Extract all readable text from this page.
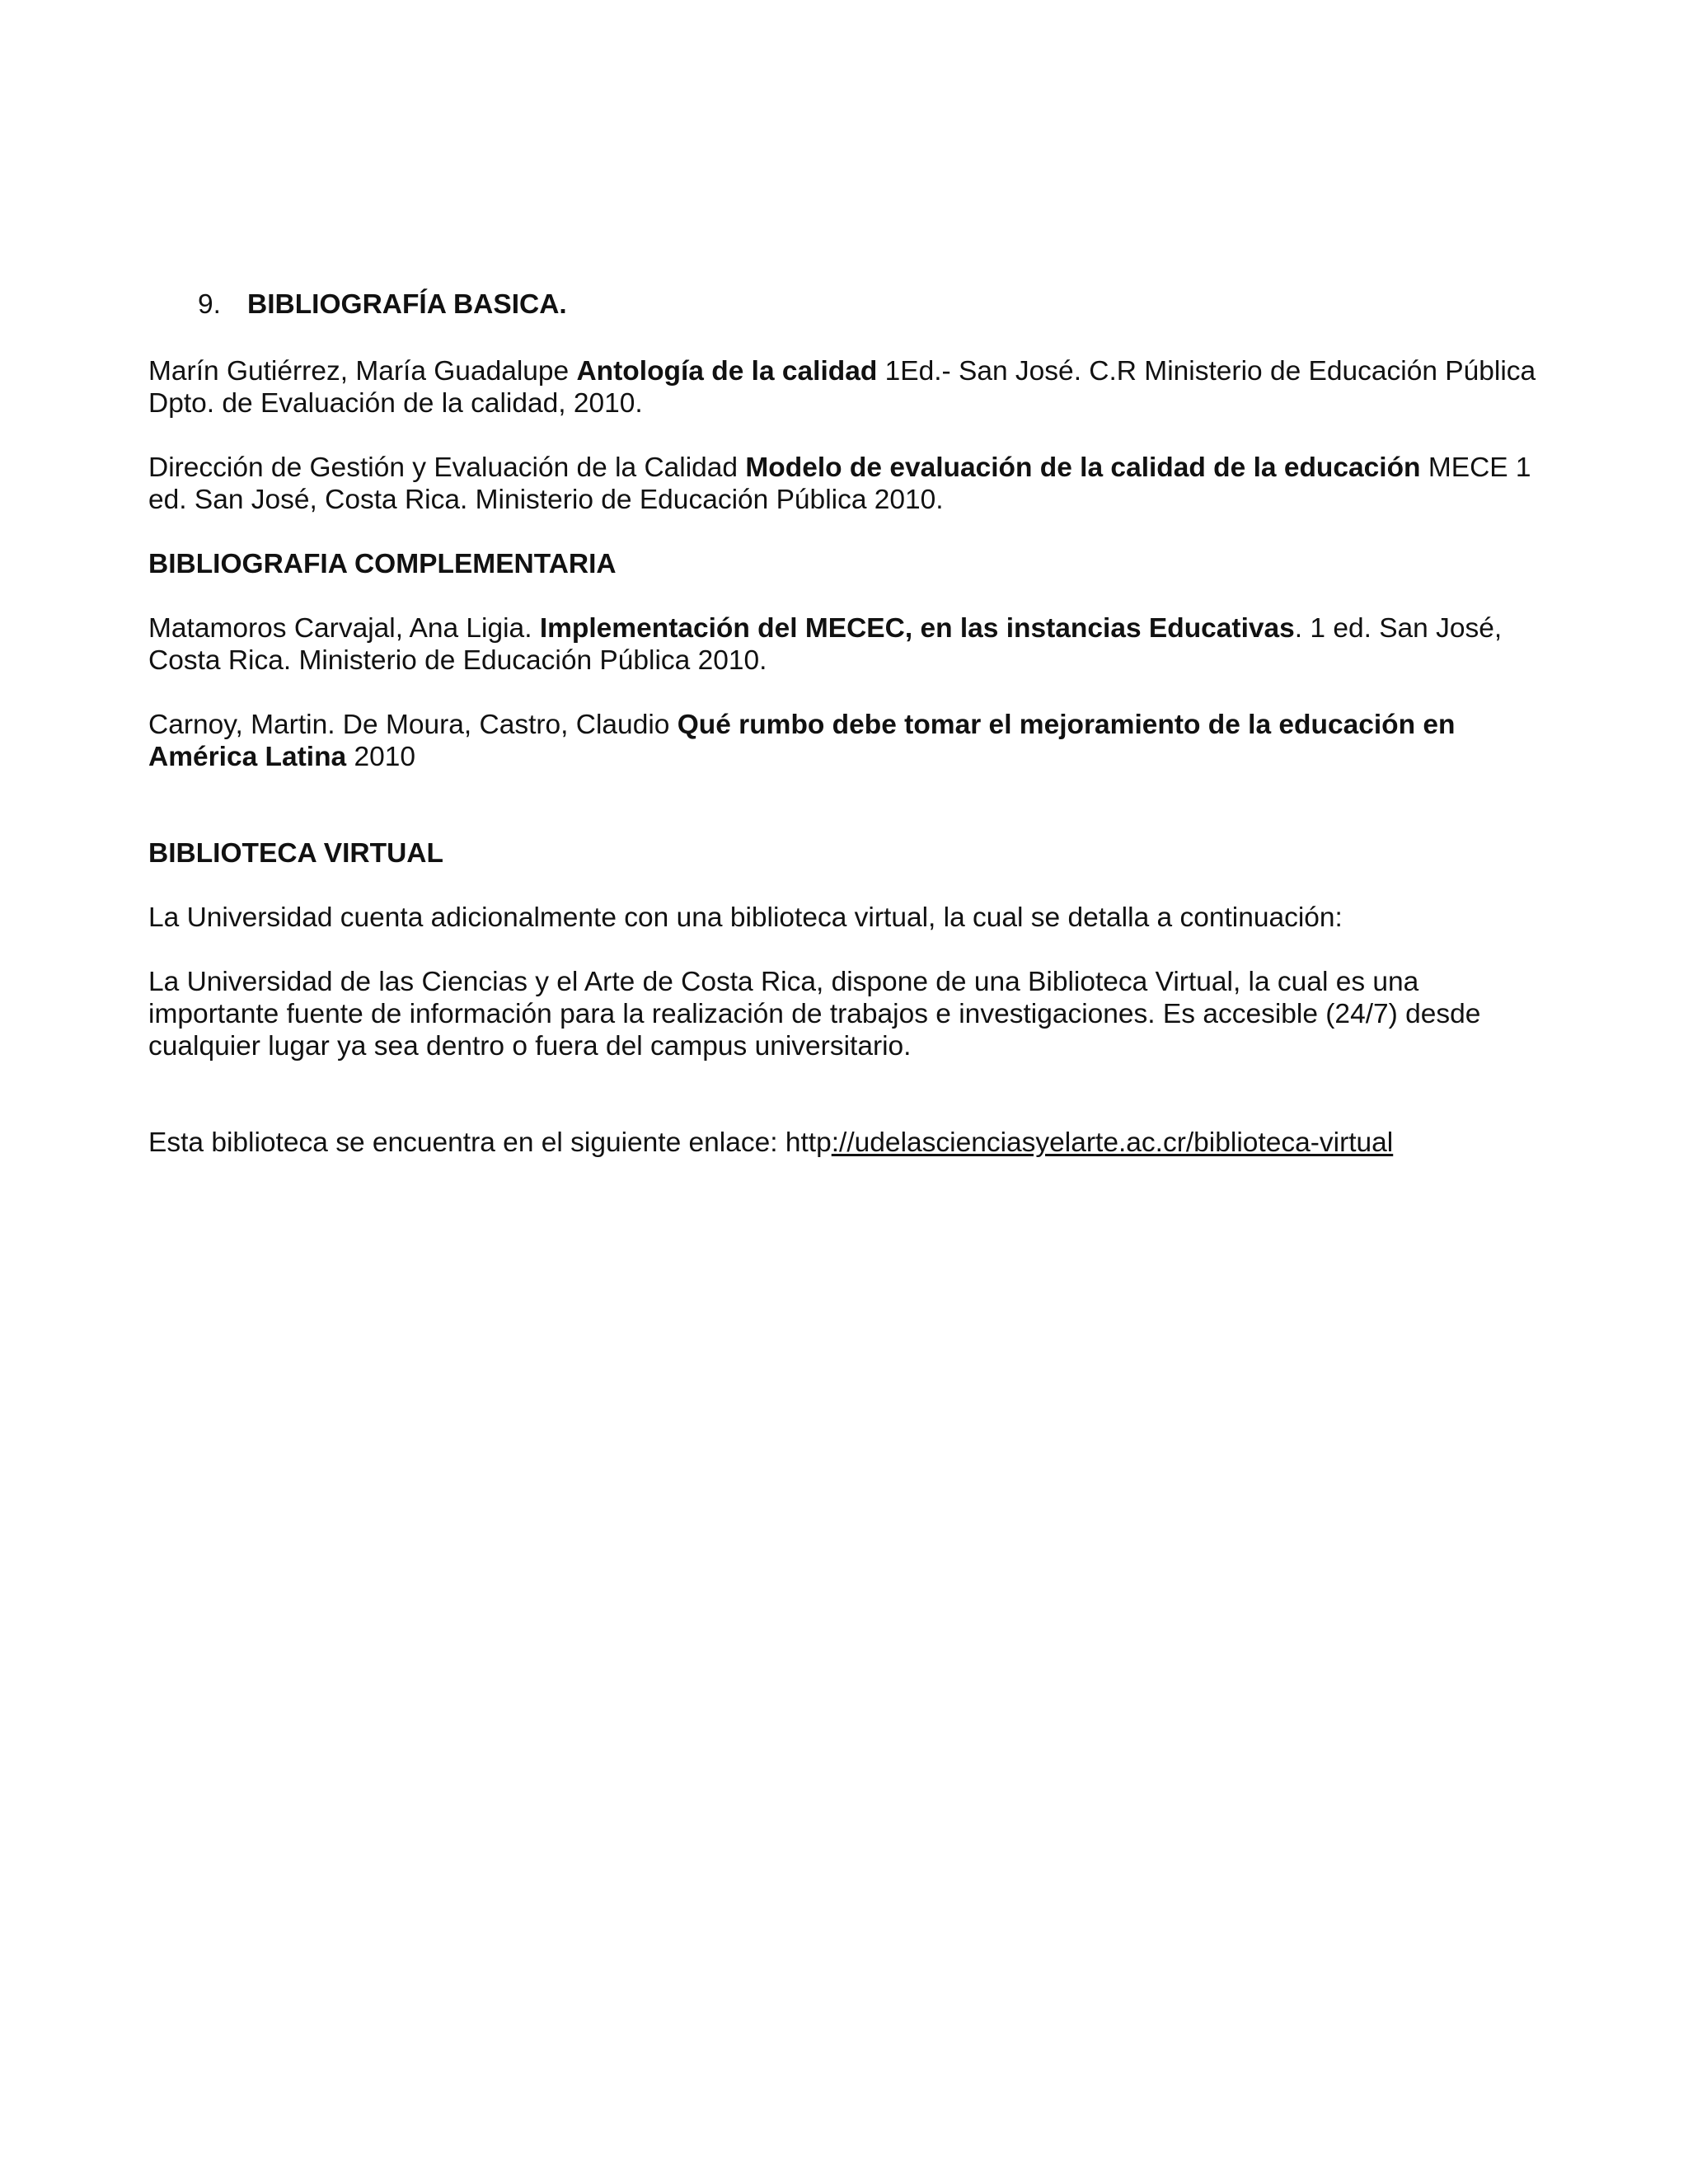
9. BIBLIOGRAFÍA BASICA.

Marín Gutiérrez, María Guadalupe Antología de la calidad 1Ed.- San José. C.R Ministerio de Educación Pública Dpto. de Evaluación de la calidad, 2010.

Dirección de Gestión y Evaluación de la Calidad Modelo de evaluación de la calidad de la educación MECE 1 ed. San José, Costa Rica. Ministerio de Educación Pública 2010.

BIBLIOGRAFIA COMPLEMENTARIA

Matamoros Carvajal, Ana Ligia. Implementación del MECEC, en las instancias Educativas. 1 ed. San José, Costa Rica. Ministerio de Educación Pública 2010.

Carnoy, Martin. De Moura, Castro, Claudio Qué rumbo debe tomar el mejoramiento de la educación en América Latina 2010

BIBLIOTECA VIRTUAL

La Universidad cuenta adicionalmente con una biblioteca virtual, la cual se detalla a continuación:

La Universidad de las Ciencias y el Arte de Costa Rica, dispone de una Biblioteca Virtual, la cual es una importante fuente de información para la realización de trabajos e investigaciones. Es accesible (24/7) desde cualquier lugar ya sea dentro o fuera del campus universitario.

Esta biblioteca se encuentra en el siguiente enlace: http://udelascienciasyelarte.ac.cr/biblioteca-virtual
